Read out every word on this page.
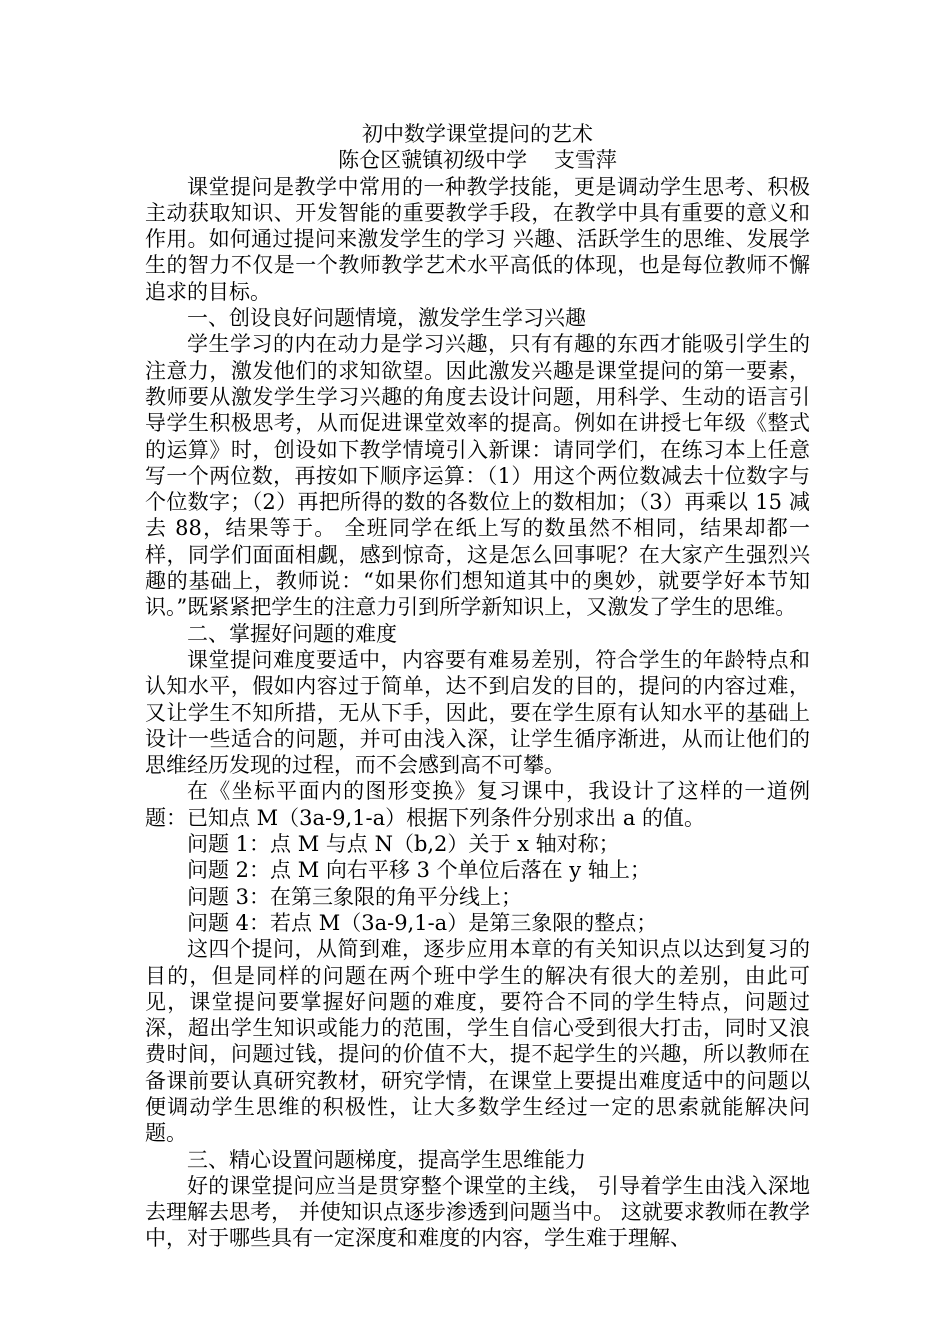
初中数学课堂提问的艺术

陈仓区虢镇初级中学    支雪萍

课堂提问是教学中常用的一种教学技能，更是调动学生思考、积极主动获取知识、开发智能的重要教学手段，在教学中具有重要的意义和作用。如何通过提问来激发学生的学习 兴趣、活跃学生的思维、发展学生的智力不仅是一个教师教学艺术水平高低的体现，也是每位教师不懈追求的目标。

一、创设良好问题情境，激发学生学习兴趣

学生学习的内在动力是学习兴趣，只有有趣的东西才能吸引学生的注意力，激发他们的求知欲望。因此激发兴趣是课堂提问的第一要素，教师要从激发学生学习兴趣的角度去设计问题，用科学、生动的语言引导学生积极思考，从而促进课堂效率的提高。例如在讲授七年级《整式的运算》时，创设如下教学情境引入新课：请同学们，在练习本上任意写一个两位数，再按如下顺序运算：（1）用这个两位数减去十位数字与个位数字；（2）再把所得的数的各数位上的数相加；（3）再乘以 15 减去 88，结果等于。 全班同学在纸上写的数虽然不相同，结果却都一样，同学们面面相觑，感到惊奇，这是怎么回事呢？在大家产生强烈兴趣的基础上，教师说：“如果你们想知道其中的奥妙，就要学好本节知识。”既紧紧把学生的注意力引到所学新知识上，又激发了学生的思维。

二、掌握好问题的难度

课堂提问难度要适中，内容要有难易差别，符合学生的年龄特点和认知水平，假如内容过于简单，达不到启发的目的，提问的内容过难，又让学生不知所措，无从下手，因此，要在学生原有认知水平的基础上设计一些适合的问题，并可由浅入深，让学生循序渐进，从而让他们的思维经历发现的过程，而不会感到高不可攀。

在《坐标平面内的图形变换》复习课中，我设计了这样的一道例题：已知点 M（3a-9,1-a）根据下列条件分别求出 a 的值。

问题 1：点 M 与点 N（b,2）关于 x 轴对称；

问题 2：点 M 向右平移 3 个单位后落在 y 轴上；

问题 3：在第三象限的角平分线上；

问题 4：若点 M（3a-9,1-a）是第三象限的整点；

这四个提问，从简到难，逐步应用本章的有关知识点以达到复习的目的，但是同样的问题在两个班中学生的解决有很大的差别，由此可见，课堂提问要掌握好问题的难度，要符合不同的学生特点，问题过深，超出学生知识或能力的范围，学生自信心受到很大打击，同时又浪费时间，问题过钱，提问的价值不大，提不起学生的兴趣，所以教师在备课前要认真研究教材，研究学情，在课堂上要提出难度适中的问题以便调动学生思维的积极性，让大多数学生经过一定的思索就能解决问题。

三、精心设置问题梯度，提高学生思维能力

好的课堂提问应当是贯穿整个课堂的主线， 引导着学生由浅入深地去理解去思考， 并使知识点逐步渗透到问题当中。 这就要求教师在教学中，对于哪些具有一定深度和难度的内容，学生难于理解、
